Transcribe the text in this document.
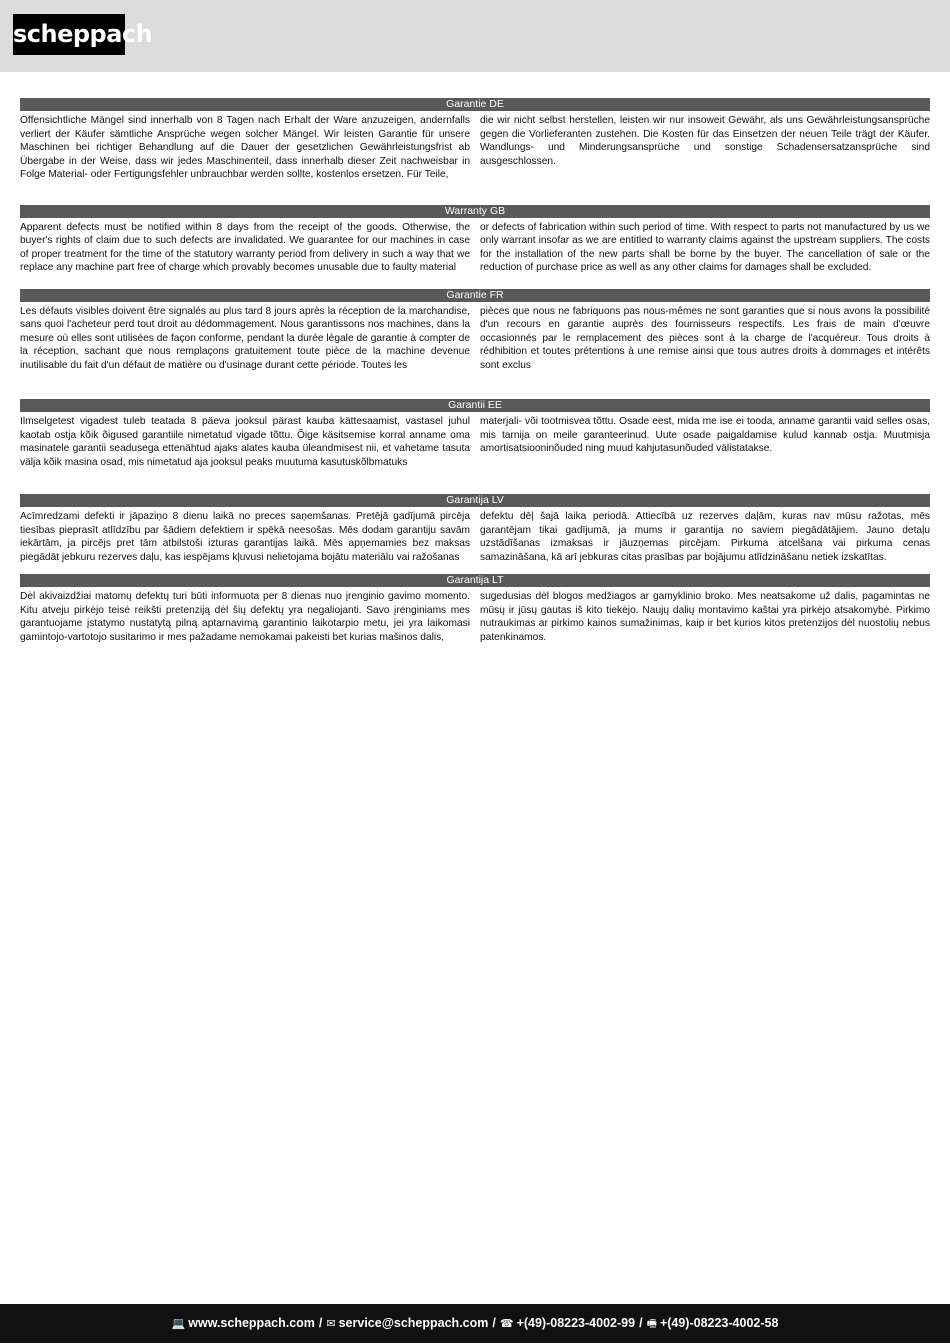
scheppach
Garantie DE
Offensichtliche Mängel sind innerhalb von 8 Tagen nach Erhalt der Ware anzuzeigen, andernfalls verliert der Käufer sämtliche Ansprüche wegen solcher Mängel. Wir leisten Garantie für unsere Maschinen bei richtiger Behandlung auf die Dauer der gesetzlichen Gewährleistungsfrist ab Übergabe in der Weise, dass wir jedes Maschinenteil, dass innerhalb dieser Zeit nachweisbar in Folge Material- oder Fertigungsfehler unbrauchbar werden sollte, kostenlos ersetzen. Für Teile,
die wir nicht selbst herstellen, leisten wir nur insoweit Gewähr, als uns Gewährleistungsansprüche gegen die Vorlieferanten zustehen. Die Kosten für das Einsetzen der neuen Teile trägt der Käufer. Wandlungs- und Minderungsansprüche und sonstige Schadensersatzansprüche sind ausgeschlossen.
Warranty GB
Apparent defects must be notified within 8 days from the receipt of the goods. Otherwise, the buyer's rights of claim due to such defects are invalidated. We guarantee for our machines in case of proper treatment for the time of the statutory warranty period from delivery in such a way that we replace any machine part free of charge which provably becomes unusable due to faulty material
or defects of fabrication within such period of time. With respect to parts not manufactured by us we only warrant insofar as we are entitled to warranty claims against the upstream suppliers. The costs for the installation of the new parts shall be borne by the buyer. The cancellation of sale or the reduction of purchase price as well as any other claims for damages shall be excluded.
Garantie FR
Les défauts visibles doivent être signalés au plus tard 8 jours après la réception de la marchandise, sans quoi l'acheteur perd tout droit au dédommagement. Nous garantissons nos machines, dans la mesure où elles sont utilisées de façon conforme, pendant la durée légale de garantie à compter de la réception, sachant que nous remplaçons gratuitement toute pièce de la machine devenue inutilisable du fait d'un défaut de matière ou d'usinage durant cette période. Toutes les
pièces que nous ne fabriquons pas nous-mêmes ne sont garanties que si nous avons la possibilité d'un recours en garantie auprès des fournisseurs respectifs. Les frais de main d'œuvre occasionnés par le remplacement des pièces sont à la charge de l'acquéreur. Tous droits à rédhibition et toutes prétentions à une remise ainsi que tous autres droits à dommages et intérêts sont exclus
Garantii EE
Ilmselgetest vigadest tuleb teatada 8 päeva jooksul pärast kauba kättesaamist, vastasel juhul kaotab ostja kõik õigused garantiile nimetatud vigade tõttu. Õige käsitsemise korral anname oma masinatele garantii seadusega ettenähtud ajaks alates kauba üleandmisest nii, et vahetame tasuta välja kõik masina osad, mis nimetatud aja jooksul peaks muutuma kasutuskõlbmatuks
materjali- või tootmisvea tõttu. Osade eest, mida me ise ei tooda, anname garantii vaid selles osas, mis tarnija on meile garanteerinud. Uute osade paigaldamise kulud kannab ostja. Muutmisja amortisatsiooninõuded ning muud kahjutasunõuded välistatakse.
Garantija LV
Acīmredzami defekti ir jāpaziņo 8 dienu laikā no preces saņemšanas. Pretējā gadījumā pircēja tiesības pieprasīt atlīdzību par šādiem defektiem ir spēkā neesošas. Mēs dodam garantiju savām iekārtām, ja pircējs pret tām atbilstoši izturas garantijas laikā. Mēs apņemamies bez maksas piegādāt jebkuru rezerves daļu, kas iespējams kļuvusi nelietojama bojātu materiālu vai ražošanas
defektu dēļ šajā laika periodā. Attiecībā uz rezerves daļām, kuras nav mūsu ražotas, mēs garantējam tikai gadījumā, ja mums ir garantija no saviem piegādātājiem. Jauno detaļu uzstādīšanas izmaksas ir jāuzņemas pircējam. Pirkuma atcelšana vai pirkuma cenas samazināšana, kā arī jebkuras citas prasības par bojājumu atlīdzināšanu netiek izskatītas.
Garantija LT
Dėl akivaizdžiai matomų defektų turi būti informuota per 8 dienas nuo įrenginio gavimo momento. Kitu atveju pirkėjo teisė reikšti pretenziją dėl šių defektų yra negaliojanti. Savo įrenginiams mes garantuojame įstatymo nustatytą pilną aptarnavimą garantinio laikotarpio metu, jei yra laikomasi gamintojo-vartotojo susitarimo ir mes pažadame nemokamai pakeisti bet kurias mašinos dalis,
sugedusias dėl blogos medžiagos ar gamyklinio broko. Mes neatsakome už dalis, pagamintas ne mūsų ir jūsų gautas iš kito tiekėjo. Naujų dalių montavimo kaštai yra pirkėjo atsakomybė. Pirkimo nutraukimas ar pirkimo kainos sumažinimas, kaip ir bet kurios kitos pretenzijos dėl nuostolių nebus patenkinamos.
💻 www.scheppach.com / ✉ service@scheppach.com / ☎ +(49)-08223-4002-99 / 🖷 +(49)-08223-4002-58
